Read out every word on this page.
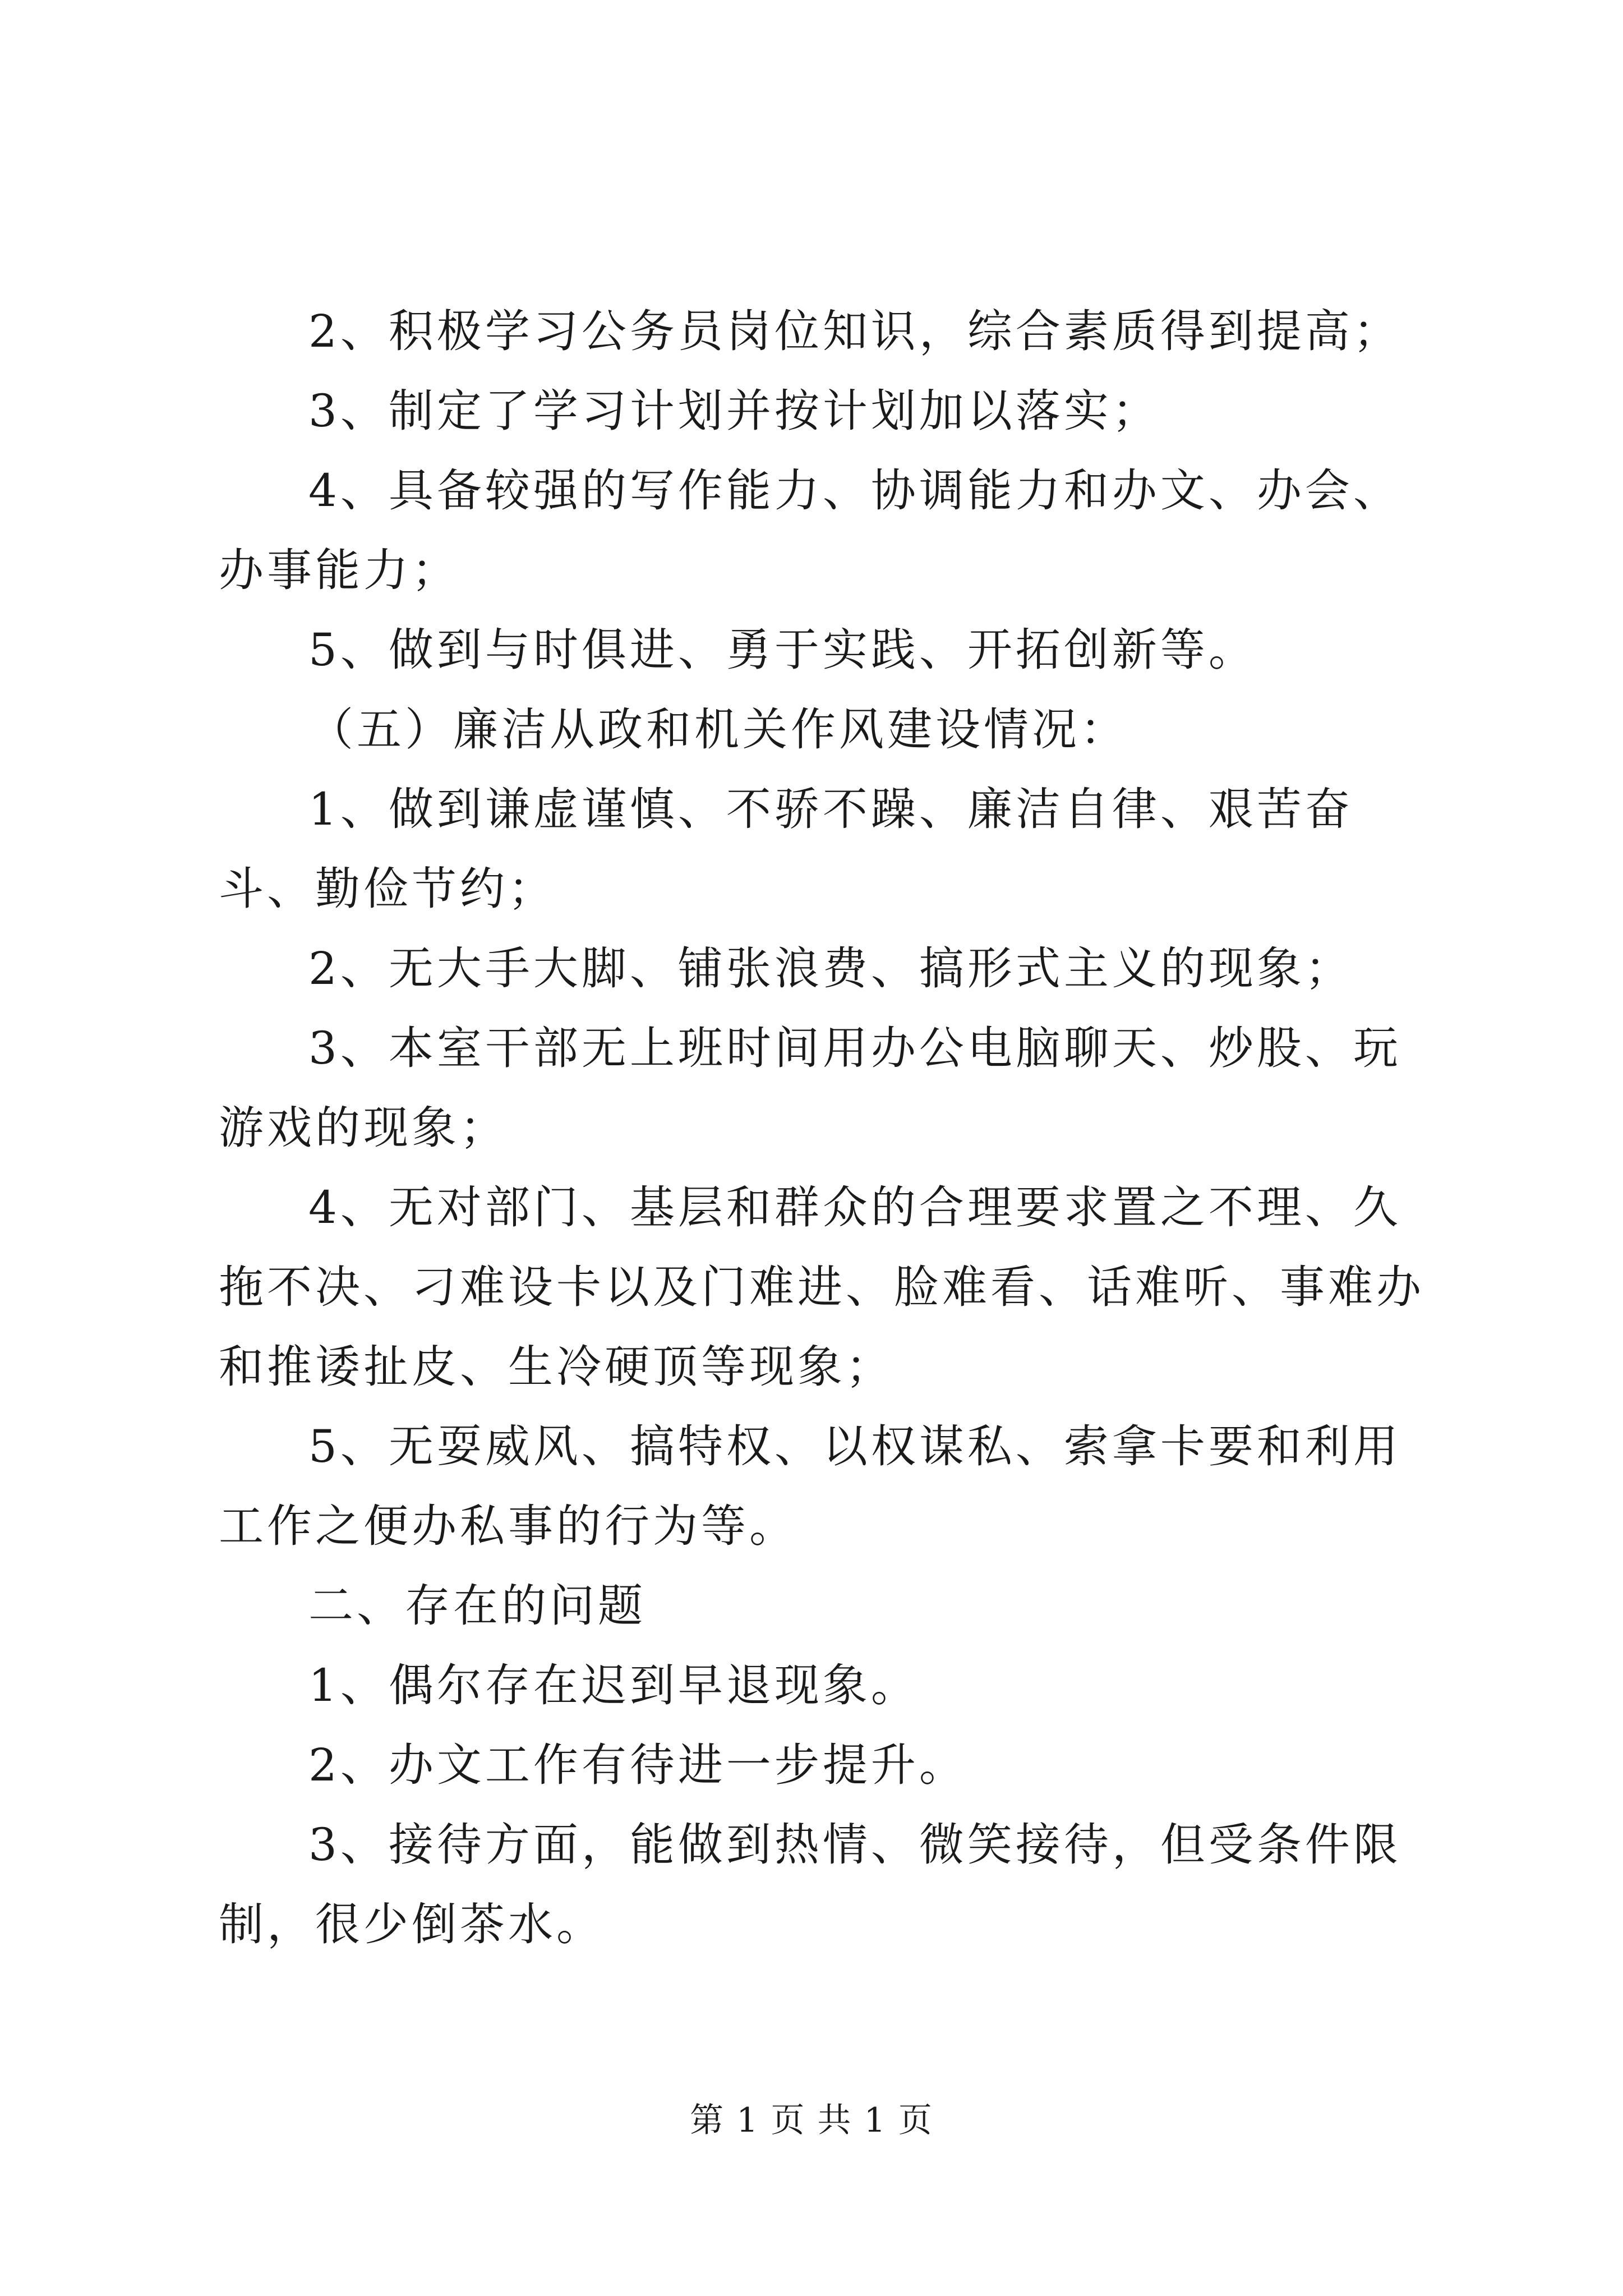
2、积极学习公务员岗位知识，综合素质得到提高；

3、制定了学习计划并按计划加以落实；

4、具备较强的写作能力、协调能力和办文、办会、办事能力；

5、做到与时俱进、勇于实践、开拓创新等。

（五）廉洁从政和机关作风建设情况：

1、做到谦虚谨慎、不骄不躁、廉洁自律、艰苦奋斗、勤俭节约；

2、无大手大脚、铺张浪费、搞形式主义的现象；

3、本室干部无上班时间用办公电脑聊天、炒股、玩游戏的现象；

4、无对部门、基层和群众的合理要求置之不理、久拖不决、刁难设卡以及门难进、脸难看、话难听、事难办和推诿扯皮、生冷硬顶等现象；

5、无耍威风、搞特权、以权谋私、索拿卡要和利用工作之便办私事的行为等。

二、存在的问题

1、偶尔存在迟到早退现象。

2、办文工作有待进一步提升。

3、接待方面，能做到热情、微笑接待，但受条件限制，很少倒茶水。

第 1 页 共 1 页
